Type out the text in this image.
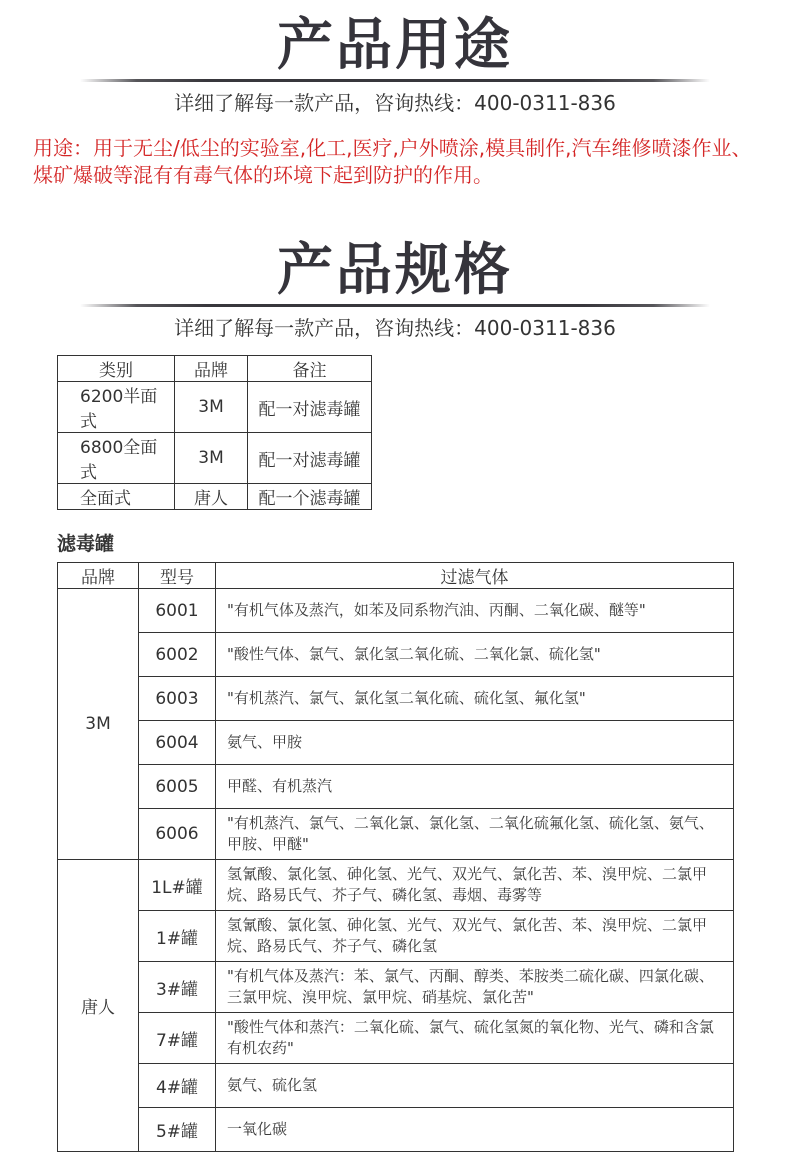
产品用途
详细了解每一款产品，咨询热线：400-0311-836

用途：用于无尘/低尘的实验室,化工,医疗,户外喷涂,模具制作,汽车维修喷漆作业、煤矿爆破等混有有毒气体的环境下起到防护的作用。

产品规格
详细了解每一款产品，咨询热线：400-0311-836
类别	品牌	备注
6200半面式	3M	配一对滤毒罐
6800全面式	3M	配一对滤毒罐
全面式	唐人	配一个滤毒罐
滤毒罐
品牌	型号	过滤气体
3M	6001	"有机气体及蒸汽，如苯及同系物汽油、丙酮、二氧化碳、醚等"
	6002	"酸性气体、氯气、氯化氢二氧化硫、二氧化氯、硫化氢"
	6003	"有机蒸汽、氯气、氯化氢二氧化硫、硫化氢、氟化氢"
	6004	氨气、甲胺
	6005	甲醛、有机蒸汽
	6006	"有机蒸汽、氯气、二氧化氯、氯化氢、二氧化硫氟化氢、硫化氢、氨气、甲胺、甲醚"
唐人	1L#罐	氢氰酸、氯化氢、砷化氢、光气、双光气、氯化苦、苯、溴甲烷、二氯甲烷、路易氏气、芥子气、磷化氢、毒烟、毒雾等
	1#罐	氢氰酸、氯化氢、砷化氢、光气、双光气、氯化苦、苯、溴甲烷、二氯甲烷、路易氏气、芥子气、磷化氢
	3#罐	"有机气体及蒸汽：苯、氯气、丙酮、醇类、苯胺类二硫化碳、四氯化碳、三氯甲烷、溴甲烷、氯甲烷、硝基烷、氯化苦"
	7#罐	"酸性气体和蒸汽：二氧化硫、氯气、硫化氢氮的氧化物、光气、磷和含氯有机农药"
	4#罐	氨气、硫化氢
	5#罐	一氧化碳
